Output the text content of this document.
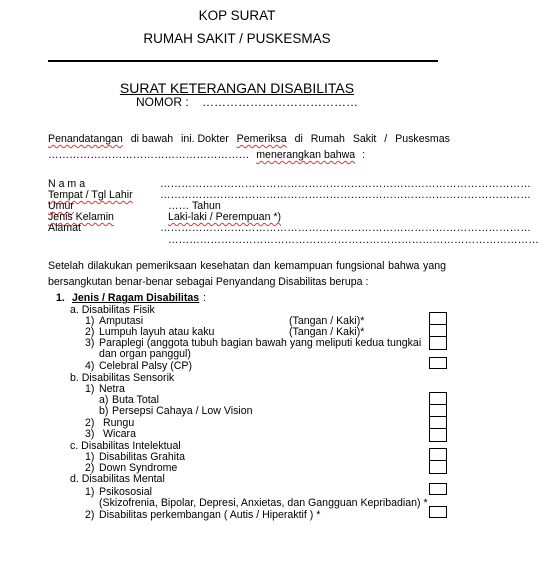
KOP SURAT
RUMAH SAKIT / PUSKESMAS
SURAT KETERANGAN DISABILITAS
NOMOR : …………………………………
Penandatangan di bawah ini. Dokter Pemeriksa di Rumah Sakit / Puskesmas
………………………………………………… menerangkan bahwa :
N a m a	……………………………………………………………………………………………
Tempat / Tgl Lahir	……………………………………………………………………………………………
Umur	…… Tahun
Jenis Kelamin	Laki-laki / Perempuan *)
Alamat	……………………………………………………………………………………………
……………………………………………………………………………………………
Setelah dilakukan pemeriksaan kesehatan dan kemampuan fungsional bahwa yang
bersangkutan benar-benar sebagai Penyandang Disabilitas berupa :
1. Jenis / Ragam Disabilitas :
a. Disabilitas Fisik
1) Amputasi	(Tangan / Kaki)*
2) Lumpuh layuh atau kaku	(Tangan / Kaki)*
3) Paraplegi (anggota tubuh bagian bawah yang meliputi kedua tungkai
dan organ panggul)
4) Celebral Palsy (CP)
b. Disabilitas Sensorik
1) Netra
a) Buta Total
b) Persepsi Cahaya / Low Vision
2) Rungu
3) Wicara
c. Disabilitas Intelektual
1) Disabilitas Grahita
2) Down Syndrome
d. Disabilitas Mental
1) Psikososial
(Skizofrenia, Bipolar, Depresi, Anxietas, dan Gangguan Kepribadian) *
2) Disabilitas perkembangan ( Autis / Hiperaktif ) *
